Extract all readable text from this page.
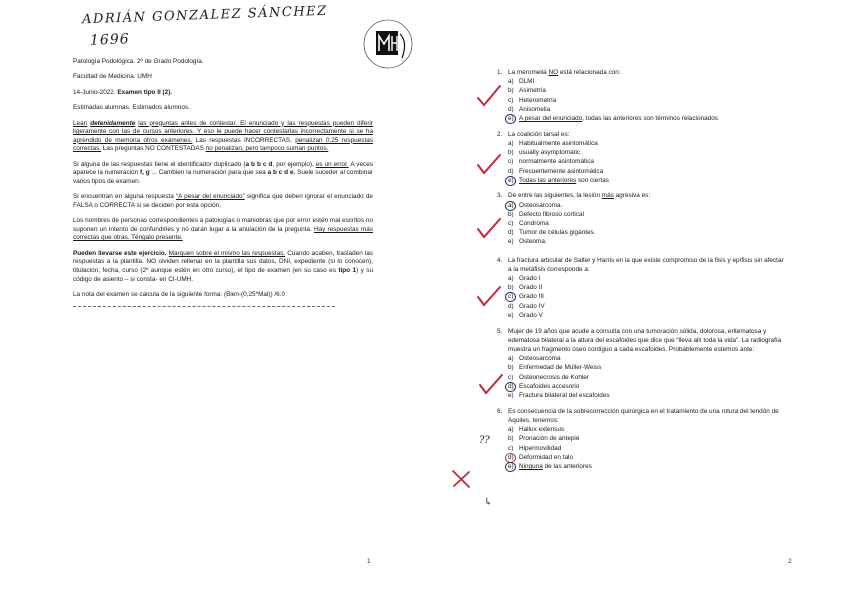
ADRIÁN GONZALEZ SÁNCHEZ
1696

Patología Podológica. 2º de Grado Podología.

Facultad de Medicina. UMH

14-Junio-2022. Examen tipo II (2).

Estimadas alumnas. Estimados alumnos.

Lean detenidamente las preguntas antes de contestar. El enunciado y las respuestas pueden diferir ligeramente con las de cursos anteriores. Y eso le puede hacer contestarlas incorrectamente si se ha aprendido de memoria otros exámenes. Las respuestas INCORRECTAS, penalizan 0,25 respuestas correctas. Las preguntas NO CONTESTADAS no penalizan, pero tampoco suman puntos.

Si alguna de las respuestas tiene el identificador duplicado (a b b c d, por ejemplo), es un error. A veces aparece la numeración f, g ... Cambien la numeración para que sea a b c d e. Suele suceder al combinar varios tipos de examen.

Si encuentran en alguna respuesta “A pesar del enunciado” significa que deben ignorar el enunciado de FALSA o CORRECTA si se deciden por esta opción.

Los nombres de personas correspondientes a patologías o maniobras que por error estén mal escritos no suponen un intento de confundirles y no darán lugar a la anulación de la pregunta. Hay respuestas más correctas que otras. Téngalo presente.

Pueden llevarse este ejercicio. Marquen sobre el mismo las respuestas. Cuando acaben, trasladen las respuestas a la plantilla. NO olviden rellenar en la plantilla sus datos, DNI, expediente (si lo conocen), titulación, fecha, curso (2º aunque estén en otro curso), el tipo de examen (en su caso es tipo 1) y su código de asiento – si consta- en CI-UMH.

La nota del examen se calcula de la siguiente forma: (Bien-(0,25*Mal)) /6.0

1	2
1. La meromelia NO está relacionada con:
a) DLMI
b) Asimetría
c) Heterometría
d) Anisomelia
e) A pesar del enunciado, todas las anteriores son términos relacionados
2. La coalición tarsal es:
a) Habitualmente asintomática
b) usually asymptomatic
c) normalmente asintomática
d) Frecuentemente asintomática
e) Todas las anteriores son ciertas
3. De entre las siguientes, la lesión más agresiva es:
a) Osteosarcoma.
b) Defecto fibroso cortical
c) Condroma
d) Tumor de células gigantes.
e) Osteoma.
4. La fractura articular de Salter y Harris en la que existe compromiso de la fisis y epífisis sin afectar a la metáfisis corresponde a:
a) Grado I
b) Grado II
c) Grado III
d) Grado IV
e) Grado V
5. Mujer de 19 años que acude a consulta con una tumoración sólida, dolorosa, eritematosa y edematosa bilateral a la altura del escafoides que dice que “lleva allí toda la vida”. La radiografía muestra un fragmento óseo contiguo a cada escafoides. Probablemente estemos ante:
a) Osteosarcoma
b) Enfermedad de Müller-Weiss
c) Osteonecrosis de Kohler
d) Escafoides accesorio
e) Fractura bilateral del escafoides
6. Es consecuencia de la sobrecorrección quirúrgica en el tratamiento de una rotura del tendón de Aquiles, tenemos:
a) Hallux extensus
b) Pronación de antepié
c) Hipermovilidad
d) Deformidad en talo
e) Ninguna de las anteriores
??
↳
